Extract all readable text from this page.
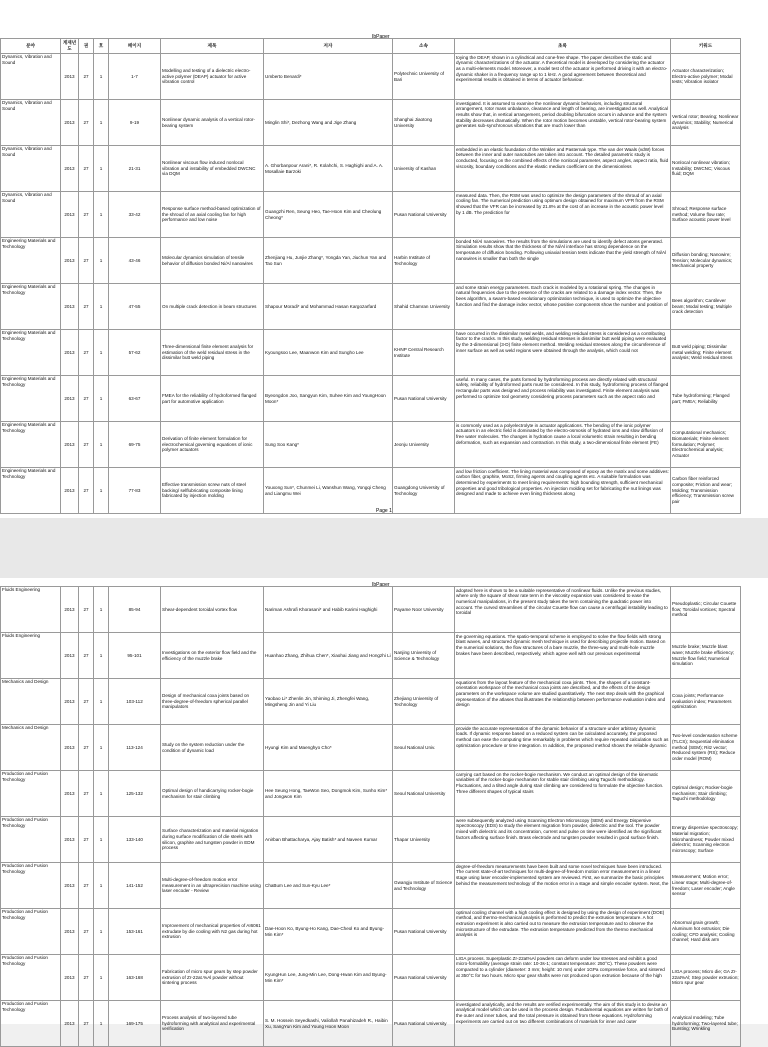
IbPaper
분야	게재년도	권	호	페이지	제목	저자	소속	초록	키워드
Dynamics, Vibration and Sound	2013	27	1	1-7	Modelling and testing of a dielectric electro-active polymer (DEAP) actuator for active vibration control	Umberto Benardi*	Polytechnic University of Bari	toying the DEAP, shown in a cylindrical and cone-free shape. The paper describes the static and dynamic characterizations of the actuator. A theoretical model is developed by considering the actuator as a multi-elements model. Moreover, a model test of the actuator is performed driving it with an electro-dynamic shaker in a frequency range up to 1 kHz. A good agreement between theoretical and experimental results is obtained in terms of actuator behaviour.	Actuator characterization; Electro-active polymer; Modal tests; Vibration isolator
Dynamics, Vibration and Sound	2013	27	1	9-19	Nonlinear dynamic analysis of a vertical rotor-bearing system	Minglin Shi*, Dezhong Wang and Jige Zhang	Shanghai Jiaotong University	investigated. It is assumed to examine the nonlinear dynamic behaviors, including structural arrangement, rotor mass unbalance, clearance and length of bearing, are investigated as well. Analytical results show that, in vertical arrangement, period doubling bifurcation occurs in advance and the system stability decreases dramatically. When the rotor motion becomes unstable, vertical rotor-bearing system generates sub-synchronous vibrations that are much lower than	Vertical rotor; Bearing; Nonlinear dynamics; Stability; Numerical analysis
Dynamics, Vibration and Sound	2013	27	1	21-31	Nonlinear viscous flow induced nonlocal vibration and instability of embedded DWCNC via DQM	A. Ghorbanpour Arani*, R. Kolahchi, S. Haghighi and A. A. Mosallaie Barzoki	University of Kashan	embedded in an elastic foundation of the Winkler and Pasternak type. The van der Waals (vdW) forces between the inner and outer nanotubes are taken into account. The detailed parametric study is conducted, focusing on the combined effects of the nonlocal parameter, aspect angles, aspect ratio, fluid viscosity, boundary conditions and the elastic medium coefficient on the dimensionless	Nonlocal nonlinear vibration; Instability; DWCNC; Viscous fluid; DQM
Dynamics, Vibration and Sound	2013	27	1	33-42	Response surface method-based optimization of the shroud of an axial cooling fan for high performance and low noise	Guangzhi Ren, Seung Heo, Tae-Hoon Kim and Cheolung Cheong*	Pusan National University	measured data. Then, the RSM was used to optimize the design parameters of the shroud of an axial cooling fan. The numerical prediction using optimum design obtained for maximum VFR from the RSM showed that the VFR can be increased by 21.8% at the cost of an increase in the acoustic power level by 1 dB. The prediction for	Shroud; Response surface method; Volume flow rate; Surface acoustic power level
Engineering Materials and Technology	2013	27	1	43-46	Molecular dynamics simulation of tensile behavior of diffusion bonded Ni/Al nanowires	Zhenjiang Hu, Junjie Zhang*, Yongda Yan, Jiuchun Yan and Tao Sun	Harbin Institute of Technology	bonded Ni/Al nanowires. The results from the simulations are used to identify defect atoms generated. Simulation results show that the thickness of the Ni/Al interface has strong dependence on the temperature of diffusion bonding. Following uniaxial tension tests indicate that the yield strength of Ni/Al nanowires is smaller than both the single	Diffusion bonding; Nanowire; Tension; Molecular dynamics; Mechanical property
Engineering Materials and Technology	2013	27	1	47-55	On multiple crack detection in beam structures	Shapour Moradi* and Mohammad Hasan Kargozarfard	Shahid Chamran University	and some strain energy parameters. Each crack is modeled by a rotational spring. The changes in natural frequencies due to the presence of the cracks are related to a damage index vector. Then, the bees algorithm, a swarm-based evolutionary optimization technique, is used to optimize the objective function and find the damage index vector, whose positive components show the number and position of	Bees algorithm; Cantilever beam; Modal testing; Multiple crack detection
Engineering Materials and Technology	2013	27	1	57-62	Three-dimensional finite element analysis for estimation of the weld residual stress in the dissimilar butt weld piping	Kyoungsoo Lee, Maanwon Kim and Sungho Lee	KHNP Central Research Institute	have occurred in the dissimilar metal welds, and welding residual stress is considered as a contributing factor to the cracks. In this study, welding residual stresses in dissimilar butt weld piping were evaluated by the 3-dimensional (3-D) finite element method. Welding residual stresses along the circumference of inner surface as well as weld regions were obtained through the analysis, which could not	Butt weld piping; Dissimilar metal welding; Finite element analysis; Weld residual stress
Engineering Materials and Technology	2013	27	1	63-67	FMEA for the reliability of hydroformed flanged part for automotive application	Byeongdon Joo, Sangyun Kim, Suhee Kim and YoungHoon Moon*	Pusan National University	useful. In many cases, the parts formed by hydroforming process are directly related with structural safety, reliability of hydroformed parts must be considered. In this study, hydroforming process of flanged rectangular parts was designed and process reliability was investigated. Finite element analysis was performed to optimize tool geometry considering process parameters such as the aspect ratio and	Tube hydroforming; Flanged part; FMEA; Reliability
Engineering Materials and Technology	2013	27	1	69-75	Derivation of finite element formulation for electrochemical governing equations of ionic polymer actuators	Sung Soo Kang*	Jeonju University	is commonly used as a polyelectrolyte in actuator applications. The bending of the ionic polymer actuators in an electric field is dominated by the electro-osmosis of hydrated ions and slow diffusion of free water molecules. The changes in hydration cause a local volumetric strain resulting in bending deformation, such as expansion and contraction. In this study, a two-dimensional finite element (FE)	Computational mechanics; Biomaterials; Finite element formulation; Polymer; Electrochemical analysis; Actuator
Engineering Materials and Technology	2013	27	1	77-83	Effective transmission screw nuts of steel backing/ selflubricating composite lining fabricated by injection molding	Youxong Sun*, Chunmei Li, Wanshun Wang, Yongqi Cheng and Liangmu Wei	Guangdong University of Technology	and low friction coefficient. The lining material was composed of epoxy as the matrix and some additives: carbon fiber, graphite, MoS2, firming agents and coupling agents etc. A suitable formulation was determined by experiments to meet lining requirements: high bounding strength, sufficient mechanical properties and good tribological properties. An injection molding set for fabricating the nut linings was designed and made to achieve even lining thickness along	Carbon fiber reinforced composite; Friction and wear; Molding; Transmission efficiency; Transmission screw pair
Page 1
IbPaper
Fluids Engineering	2013	27	1	85-94	Shear-dependent toroidal vortex flow	Nariman Ashrafi Khorasani* and Habib Karimi Haghighi	Payame Noor University	adopted here is shown to be a suitable representative of nonlinear fluids. Unlike the previous studies, where only the square of shear rate term in the viscosity expansion was considered to ease the numerical manipulations, in the present study takes the term containing the quadratic power into account. The curved streamlines of the circular Couette flow can cause a centrifugal instability leading to toroidal	Pseudoplastic; Circular Couette flow; Toroidal vortices; Spectral method
Fluids Engineering	2013	27	1	95-101	Investigations on the exterior flow field and the efficiency of the muzzle brake	Huanhao Zhang, Zhihua Chen*, Xiaohai Jiang and Hongzhi Li	Nanjing University of Science & Technology	the governing equations. The spatio-temporal scheme is employed to solve the flow fields with strong blast waves, and structured dynamic mesh technique is used for describing projectile motion. Based on the numerical solutions, the flow structures of a bare muzzle, the three-way and multi-hole muzzle brakes have been described, respectively, which agree well with our previous experimental	Muzzle brake; Muzzle blast wave; Muzzle brake efficiency; Muzzle flow field; Numerical simulation
Mechanics and Design	2013	27	1	103-112	Design of mechanical coxa joints based on three-degree-of-freedom spherical parallel manipulators	Yaobao Li* Zhenlin Jin, Shiming Ji, Zhengfei Wang, Mingsheng Jin and Yi Liu	Zhejiang University of Technology	equations from the layout feature of the mechanical coxa joints. Then, the shapes of a constant-orientation workspace of the mechanical coxa joints are described, and the effects of the design parameters on the workspace volume are studied quantitatively. The next step deals with the graphical representation of the atlases that illustrates the relationship between performance evaluation index and design	Coxa joints; Performance evaluation index; Parameters optimization
Mechanics and Design	2013	27	1	113-124	Study on the system reduction under the condition of dynamic load	Hyungi Kim and Maenghyo Cho*	Seoul National Univ.	provide the accurate representation of the dynamic behavior of a structure under arbitrary dynamic loads. If dynamic response based on a reduced system can be calculated accurately, the proposed method can ease the computing time remarkably in problems which require repeated calculation such as optimization procedure or time integration. In addition, the proposed method shows the reliable dynamic	Two-level condensation scheme (TLCS); Sequential elimination method (SEM); Ritz vector; Reduced system (RS); Reduce order model (ROM)
Production and Fusion Technology	2013	27	1	125-132	Optimal design of handicarrying rocker-bogie mechanism for stair climbing	Hee Seung Hong, TaeWon Seo, Dongmok Kim, Sunho Kim* and Jongwon Kim	Seoul National University	carrying cart based on the rocker-bogie mechanism. We conduct an optimal design of the kinematic variables of the rocker-bogie mechanism for stable stair climbing using Taguchi methodology. Fluctuations, and a tilted angle during stair climbing are considered to formulate the objective function. Three different shapes of typical stairs	Optimal design; Rocker-bogie mechanism; Stair climbing; Taguchi methodology
Production and Fusion Technology	2013	27	1	133-140	Surface characterization and material migration during surface modification of die steels with silicon, graphite and tungsten powder in EDM process	Anirban Bhattacharya, Ajay Batish* and Naveen Kumar	Thapar University	were subsequently analyzed using Scanning Electron Microscopy (SEM) and Energy Dispersive Spectroscopy (EDS) to study the element migration from powder, dielectric and the tool. The powder mixed with dielectric and its concentration, current and pulse on time were identified as the significant factors affecting surface finish. Brass electrode and tungsten powder resulted in good surface finish.	Energy dispersive spectroscopy; Material migration; Microhardness; Powder mixed dielectric; Scanning electron microscopy; Surface
Production and Fusion Technology	2013	27	1	141-152	Multi-degree-of-freedom motion error measurement in an ultraprecision machine using laser encoder - Review	ChaBum Lee and Sun-Kyu Lee*	Gwangju Institute of Science and Technology	degree-of-freedom measurements have been built and some novel techniques have been introduced. The current state-of-art techniques for multi-degree-of-freedom motion error measurement in a linear stage using laser encoder-implemented system are reviewed. First, we summarize the basic principles behind the measurement technology of the motion error in a stage and simple encoder system. Next, the	Measurement; Motion error; Linear stage; Multi-degree-of-freedom; Laser encoder; Angle sensor
Production and Fusion Technology	2013	27	1	153-161	Improvement of mechanical properties of AI6061 extrudate by die cooling with N2 gas during hot extrusion	Dae-Hoon Ko, Byung-Ho Kang, Dae-Cheol Ko and Byung-Min Kim*	Pusan National University	optimal cooling channel with a high cooling effect is designed by using the design of experiment (DOE) method, and thermo-mechanical analysis is performed to predict the extrusion temperature. A hot extrusion experiment is also carried out to measure the extrusion temperature and to observe the microstructure of the extrudate. The extrusion temperature predicted from the thermo mechanical analysis is	Abnormal grain growth; Aluminum hot extrusion; Die cooling; CFD analysis; Cooling channel; Hard disk arm
Production and Fusion Technology	2013	27	1	163-168	Fabrication of micro spur gears by step powder extrusion of Zr-22at.%Al powder without sintering process	KyungHun Lee, Jung-Min Lee, Dong-Hwan Kim and Byung-Min Kim*	Pusan National University	LIGA process. Superplastic Zr-22at%Al powders can deform under low stresses and exhibit a good micro-formability (average strain rate: 10-3s-1; constant temperature: 250°C). These powders were compacted to a cylinder (diameter: 3 mm; height: 10 mm) under 1GPa compressive force, and sintered at 350°C for two hours. Micro spur gear shafts were not produced upon extrusion because of the high	LIGA process; Micro die; GA Zr-22at%Al; Step powder extrusion; Micro spur gear
Production and Fusion Technology	2013	27	1	169-175	Process analysis of two-layered tube hydroforming with analytical and experimental verification	S. M. Hossein Seyedkashi, Valiollah Panahizadeh R., Haibin Xu, SangYun Kim and Young Hoon Moon	Pusan National University	investigated analytically, and the results are verified experimentally. The aim of this study is to devise an analytical model which can be used in the process design. Fundamental equations are written for both of the outer and inner tubes, and the total pressure is obtained from these equations. Hydroforming experiments are carried out on two different combinations of materials for inner and outer	Analytical modeling; Tube hydroforming; Two-layered tube; Bursting; Wrinkling
